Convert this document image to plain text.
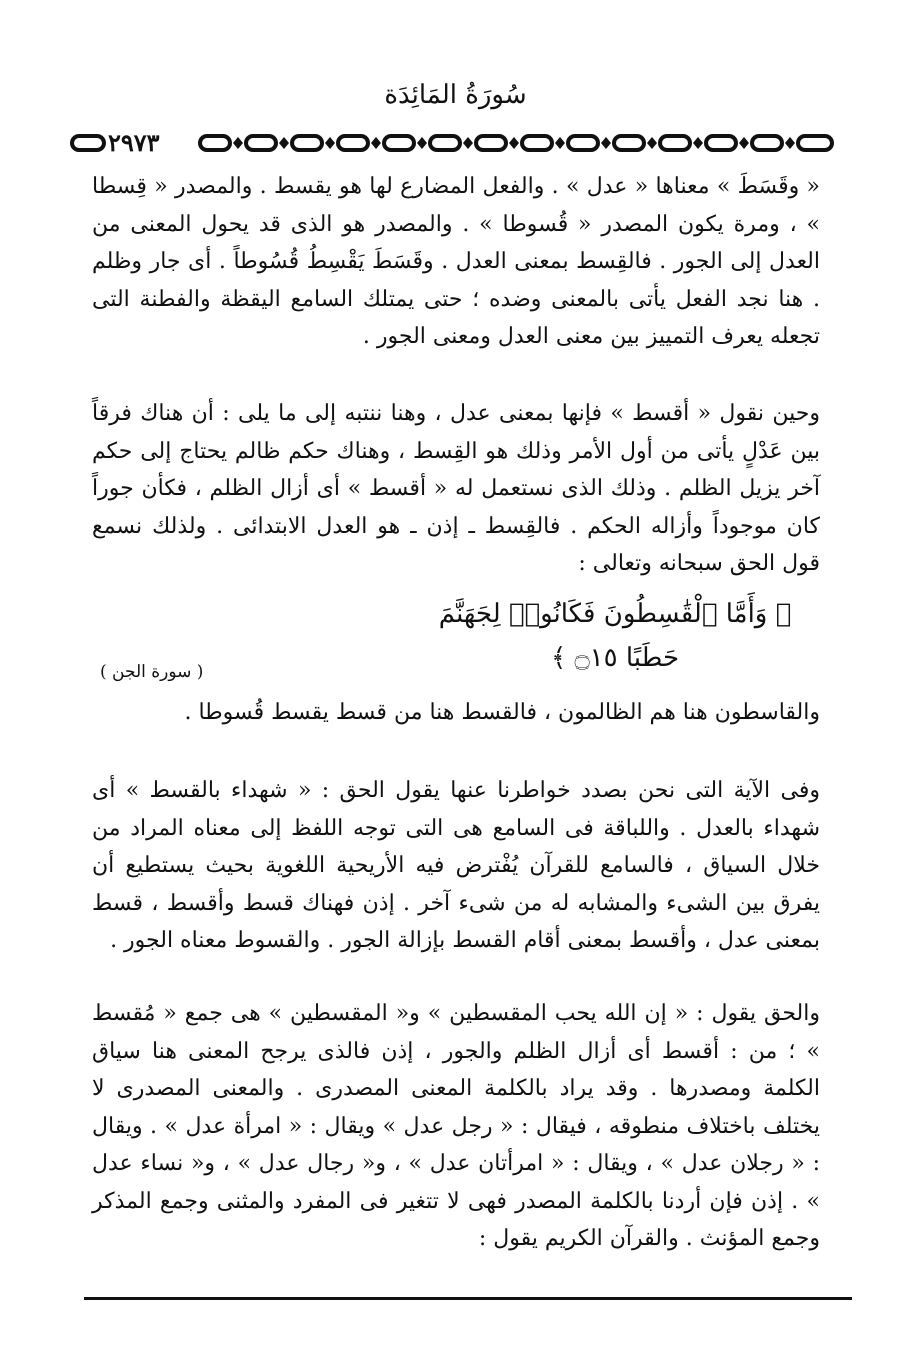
سُورَةُ المَائِدَة
٢٩٧٣

« وقَسَطَ » معناها « عدل » . والفعل المضارع لها هو يقسط . والمصدر « قِسطا » ، ومرة يكون المصدر « قُسوطا » . والمصدر هو الذى قد يحول المعنى من العدل إلى الجور . فالقِسط بمعنى العدل . وقَسَطَ يَقْسِطُ قُسُوطاً . أى جار وظلم . هنا نجد الفعل يأتى بالمعنى وضده ؛ حتى يمتلك السامع اليقظة والفطنة التى تجعله يعرف التمييز بين معنى العدل ومعنى الجور .

وحين نقول « أقسط » فإنها بمعنى عدل ، وهنا ننتبه إلى ما يلى : أن هناك فرقاً بين عَدْلٍ يأتى من أول الأمر وذلك هو القِسط ، وهناك حكم ظالم يحتاج إلى حكم آخر يزيل الظلم . وذلك الذى نستعمل له « أقسط » أى أزال الظلم ، فكأن جوراً كان موجوداً وأزاله الحكم . فالقِسط ـ إذن ـ هو العدل الابتدائى . ولذلك نسمع قول الحق سبحانه وتعالى :

﴿ وَأَمَّا ٱلْقَٰسِطُونَ فَكَانُوا۟ لِجَهَنَّمَ حَطَبًا ۝١٥ ﴾
( سورة الجن )

والقاسطون هنا هم الظالمون ، فالقسط هنا من قسط يقسط قُسوطا .

وفى الآية التى نحن بصدد خواطرنا عنها يقول الحق : « شهداء بالقسط » أى شهداء بالعدل . واللباقة فى السامع هى التى توجه اللفظ إلى معناه المراد من خلال السياق ، فالسامع للقرآن يُفْترض فيه الأريحية اللغوية بحيث يستطيع أن يفرق بين الشىء والمشابه له من شىء آخر . إذن فهناك قسط وأقسط ، قسط بمعنى عدل ، وأقسط بمعنى أقام القسط بإزالة الجور . والقسوط معناه الجور .

والحق يقول : « إن الله يحب المقسطين » و« المقسطين » هى جمع « مُقسط » ؛ من : أقسط أى أزال الظلم والجور ، إذن فالذى يرجح المعنى هنا سياق الكلمة ومصدرها . وقد يراد بالكلمة المعنى المصدرى . والمعنى المصدرى لا يختلف باختلاف منطوقه ، فيقال : « رجل عدل » ويقال : « امرأة عدل » . ويقال : « رجلان عدل » ، ويقال : « امرأتان عدل » ، و« رجال عدل » ، و« نساء عدل » . إذن فإن أردنا بالكلمة المصدر فهى لا تتغير فى المفرد والمثنى وجمع المذكر وجمع المؤنث . والقرآن الكريم يقول :
